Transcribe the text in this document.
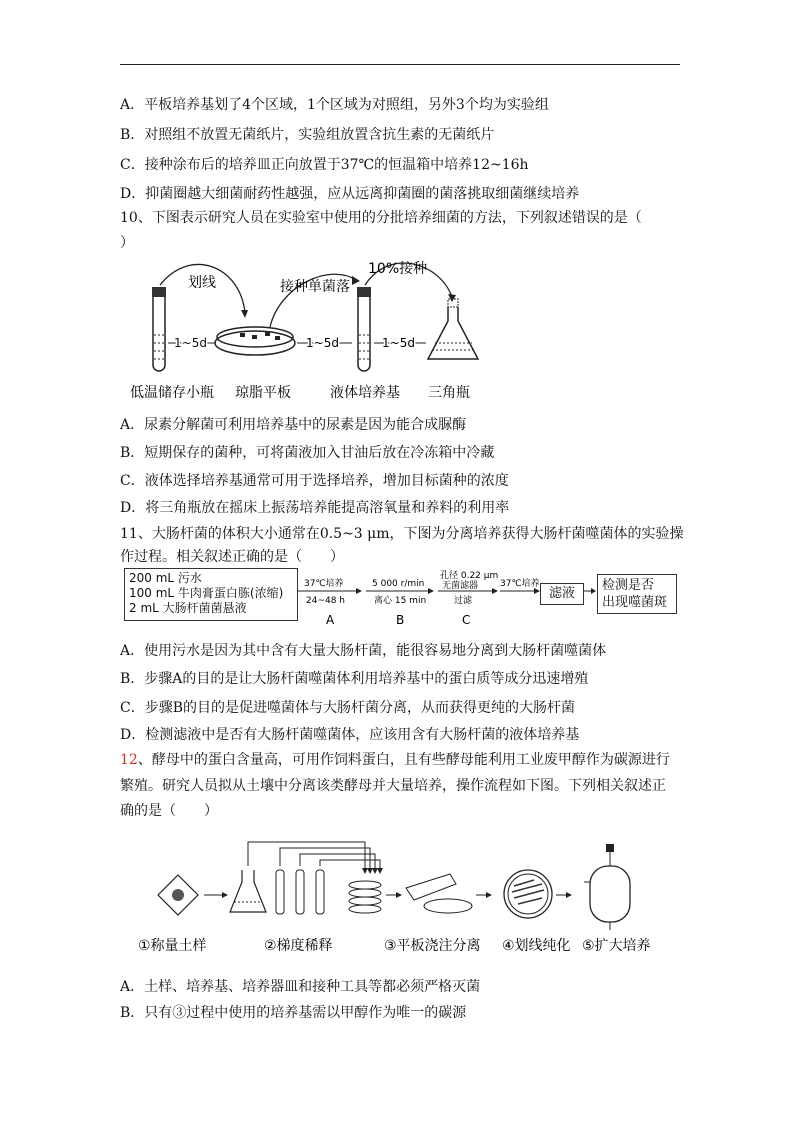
A．平板培养基划了4个区域，1个区域为对照组，另外3个均为实验组
B．对照组不放置无菌纸片，实验组放置含抗生素的无菌纸片
C．接种涂布后的培养皿正向放置于37℃的恒温箱中培养12~16h
D．抑菌圈越大细菌耐药性越强，应从远离抑菌圈的菌落挑取细菌继续培养
10、下图表示研究人员在实验室中使用的分批培养细菌的方法，下列叙述错误的是（
）
划线
1~5d
接种单菌落
1~5d
10%接种
1~5d
低温储存小瓶 琼脂平板	液体培养基 三角瓶
A．尿素分解菌可利用培养基中的尿素是因为能合成脲酶
B．短期保存的菌种，可将菌液加入甘油后放在冷冻箱中冷藏
C．液体选择培养基通常可用于选择培养，增加目标菌种的浓度
D．将三角瓶放在摇床上振荡培养能提高溶氧量和养料的利用率
11、大肠杆菌的体积大小通常在0.5~3 μm，下图为分离培养获得大肠杆菌噬菌体的实验操
作过程。相关叙述正确的是（　　）
200 mL 污水
100 mL 牛肉膏蛋白胨(浓缩)
2 mL 大肠杆菌菌悬液
37℃培养
24~48 h
A
5 000 r/min
离心 15 min
B
孔径 0.22 μm
无菌滤器
过滤
C
37℃培养
滤液
检测是否
出现噬菌斑
A．使用污水是因为其中含有大量大肠杆菌，能很容易地分离到大肠杆菌噬菌体
B．步骤A的目的是让大肠杆菌噬菌体利用培养基中的蛋白质等成分迅速增殖
C．步骤B的目的是促进噬菌体与大肠杆菌分离，从而获得更纯的大肠杆菌
D．检测滤液中是否有大肠杆菌噬菌体，应该用含有大肠杆菌的液体培养基
12、酵母中的蛋白含量高，可用作饲料蛋白，且有些酵母能利用工业废甲醇作为碳源进行
繁殖。研究人员拟从土壤中分离该类酵母并大量培养，操作流程如下图。下列相关叙述正
确的是（　　）
①称量土样	②梯度稀释	③平板浇注分离 ④划线纯化 ⑤扩大培养
A．土样、培养基、培养器皿和接种工具等都必须严格灭菌
B．只有③过程中使用的培养基需以甲醇作为唯一的碳源
